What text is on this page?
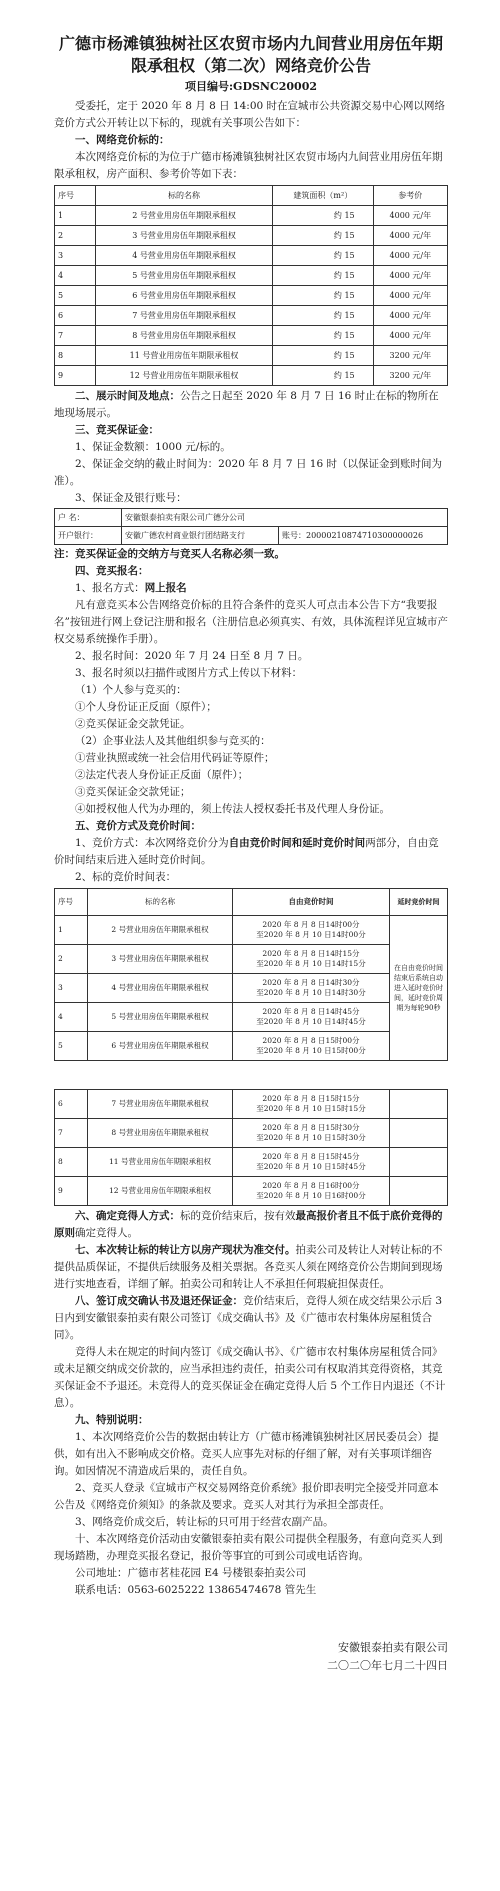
广德市杨滩镇独树社区农贸市场内九间营业用房伍年期限承租权（第二次）网络竞价公告

项目编号:GDSNC20002

受委托，定于 2020 年 8 月 8 日 14:00 时在宣城市公共资源交易中心网以网络竞价方式公开转让以下标的，现就有关事项公告如下：

一、网络竞价标的：

本次网络竞价标的为位于广德市杨滩镇独树社区农贸市场内九间营业用房伍年期限承租权，房产面积、参考价等如下表：

序号	标的名称	建筑面积（m²）	参考价
1	2 号营业用房伍年期限承租权	约 15	4000 元/年
2	3 号营业用房伍年期限承租权	约 15	4000 元/年
3	4 号营业用房伍年期限承租权	约 15	4000 元/年
4	5 号营业用房伍年期限承租权	约 15	4000 元/年
5	6 号营业用房伍年期限承租权	约 15	4000 元/年
6	7 号营业用房伍年期限承租权	约 15	4000 元/年
7	8 号营业用房伍年期限承租权	约 15	4000 元/年
8	11 号营业用房伍年期限承租权	约 15	3200 元/年
9	12 号营业用房伍年期限承租权	约 15	3200 元/年

二、展示时间及地点：公告之日起至 2020 年 8 月 7 日 16 时止在标的物所在地现场展示。

三、竞买保证金：

1、保证金数额：1000 元/标的。

2、保证金交纳的截止时间为：2020 年 8 月 7 日 16 时（以保证金到账时间为准）。

3、保证金及银行账号：

户 名：	安徽银泰拍卖有限公司广德分公司	
开户银行：	安徽广德农村商业银行团结路支行	账号：20000210874710300000026

注：竞买保证金的交纳方与竞买人名称必须一致。

四、竞买报名：

1、报名方式：网上报名

凡有意竞买本公告网络竞价标的且符合条件的竞买人可点击本公告下方“我要报名”按钮进行网上登记注册和报名（注册信息必须真实、有效，具体流程详见宣城市产权交易系统操作手册）。

2、报名时间：2020 年 7 月 24 日至 8 月 7 日。

3、报名时须以扫描件或图片方式上传以下材料：

（1）个人参与竞买的：

①个人身份证正反面（原件）；

②竞买保证金交款凭证。

（2）企事业法人及其他组织参与竞买的：

①营业执照或统一社会信用代码证等原件；

②法定代表人身份证正反面（原件）；

③竞买保证金交款凭证；

④如授权他人代为办理的，须上传法人授权委托书及代理人身份证。

五、竞价方式及竞价时间：

1、竞价方式：本次网络竞价分为自由竞价时间和延时竞价时间两部分，自由竞价时间结束后进入延时竞价时间。

2、标的竞价时间表：

序号	标的名称	自由竞价时间	延时竞价时间
1	2 号营业用房伍年期限承租权	2020 年 8 月 8 日14时00分
至2020 年 8 月 10 日14时00分	在自由竞价时间结束后系统自动进入延时竞价时间，延时竞价周期为每轮90秒
2	3 号营业用房伍年期限承租权	2020 年 8 月 8 日14时15分
至2020 年 8 月 10 日14时15分	

3	4 号营业用房伍年期限承租权	2020 年 8 月 8 日14时30分
至2020 年 8 月 10 日14时30分	

4	5 号营业用房伍年期限承租权	2020 年 8 月 8 日14时45分
至2020 年 8 月 10 日14时45分	

5	6 号营业用房伍年期限承租权	2020 年 8 月 8 日15时00分
至2020 年 8 月 10 日15时00分	

6	7 号营业用房伍年期限承租权	2020 年 8 月 8 日15时15分
至2020 年 8 月 10 日15时15分	

7	8 号营业用房伍年期限承租权	2020 年 8 月 8 日15时30分
至2020 年 8 月 10 日15时30分	

8	11 号营业用房伍年期限承租权	2020 年 8 月 8 日15时45分
至2020 年 8 月 10 日15时45分	

9	12 号营业用房伍年期限承租权	2020 年 8 月 8 日16时00分
至2020 年 8 月 10 日16时00分	

六、确定竞得人方式：标的竞价结束后，按有效最高报价者且不低于底价竞得的原则确定竞得人。

七、本次转让标的转让方以房产现状为准交付。拍卖公司及转让人对转让标的不提供品质保证，不提供后续服务及相关票据。各竞买人须在网络竞价公告期间到现场进行实地查看，详细了解。拍卖公司和转让人不承担任何瑕疵担保责任。

八、签订成交确认书及退还保证金：竞价结束后，竞得人须在成交结果公示后 3 日内到安徽银泰拍卖有限公司签订《成交确认书》及《广德市农村集体房屋租赁合同》。

竞得人未在规定的时间内签订《成交确认书》、《广德市农村集体房屋租赁合同》或未足额交纳成交价款的，应当承担违约责任，拍卖公司有权取消其竞得资格，其竞买保证金不予退还。未竞得人的竞买保证金在确定竞得人后 5 个工作日内退还（不计息）。

九、特别说明：

1、本次网络竞价公告的数据由转让方（广德市杨滩镇独树社区居民委员会）提供，如有出入不影响成交价格。竞买人应事先对标的仔细了解，对有关事项详细咨询。如因情况不清造成后果的，责任自负。

2、竞买人登录《宣城市产权交易网络竞价系统》报价即表明完全接受并同意本公告及《网络竞价须知》的条款及要求。竞买人对其行为承担全部责任。

3、网络竞价成交后，转让标的只可用于经营农副产品。

十、本次网络竞价活动由安徽银泰拍卖有限公司提供全程服务，有意向竞买人到现场踏勘，办理竞买报名登记，报价等事宜的可到公司或电话咨询。

公司地址：广德市茗桂花园 E4 号楼银泰拍卖公司

联系电话：0563-6025222 13865474678 管先生

安徽银泰拍卖有限公司

二〇二〇年七月二十四日
